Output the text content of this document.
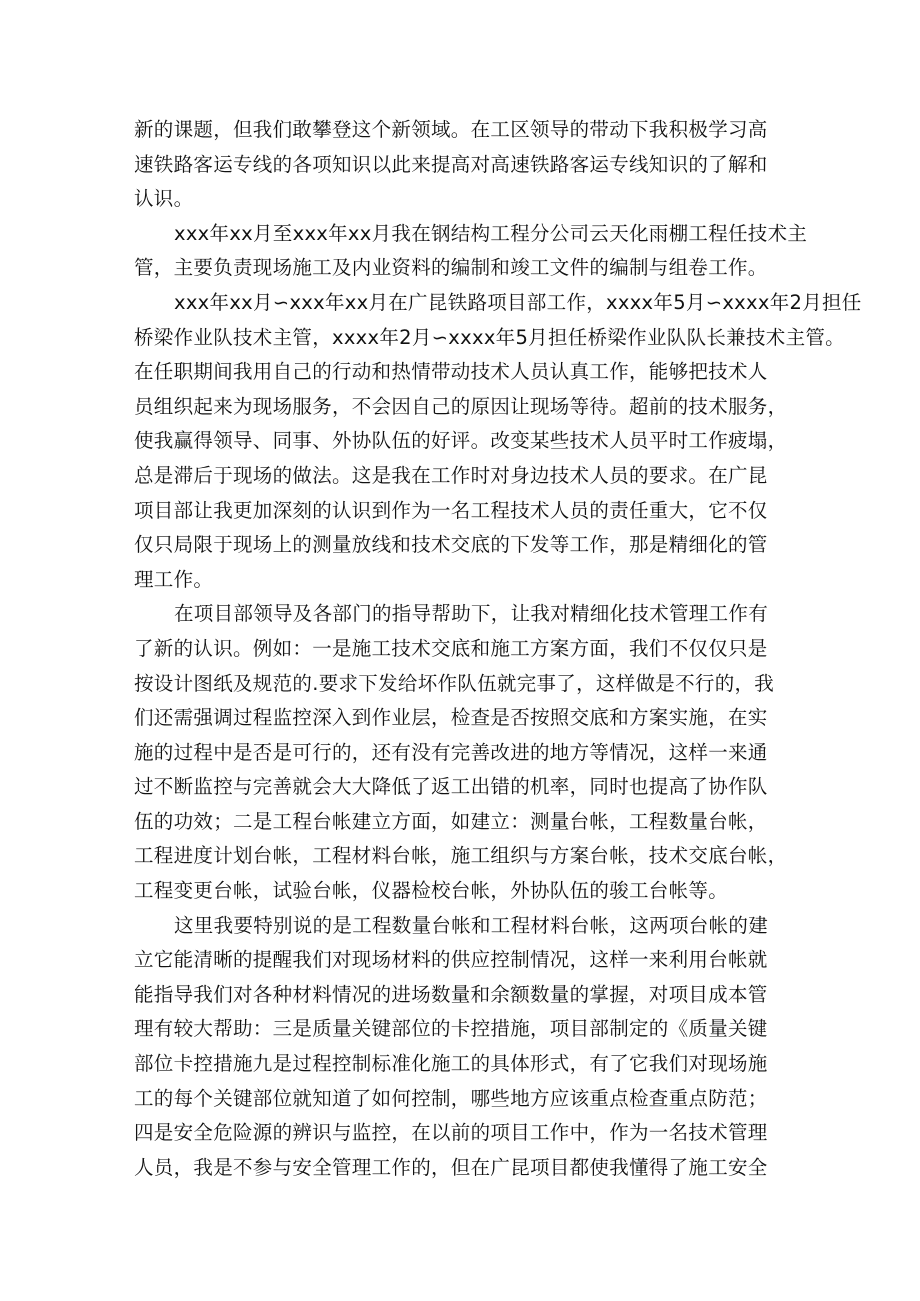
新的课题，但我们敢攀登这个新领域。在工区领导的带动下我积极学习高
速铁路客运专线的各项知识以此来提高对高速铁路客运专线知识的了解和
认识。
xxx年xx月至xxx年xx月我在钢结构工程分公司云天化雨棚工程任技术主
管，主要负责现场施工及内业资料的编制和竣工文件的编制与组卷工作。
xxx年xx月∽xxx年xx月在广昆铁路项目部工作，xxxx年5月∽xxxx年2月担任
桥梁作业队技术主管，xxxx年2月∽xxxx年5月担任桥梁作业队队长兼技术主管。
在任职期间我用自己的行动和热情带动技术人员认真工作，能够把技术人
员组织起来为现场服务，不会因自己的原因让现场等待。超前的技术服务，
使我赢得领导、同事、外协队伍的好评。改变某些技术人员平时工作疲塌，
总是滞后于现场的做法。这是我在工作时对身边技术人员的要求。在广昆
项目部让我更加深刻的认识到作为一名工程技术人员的责任重大，它不仅
仅只局限于现场上的测量放线和技术交底的下发等工作，那是精细化的管
理工作。
在项目部领导及各部门的指导帮助下，让我对精细化技术管理工作有
了新的认识。例如：一是施工技术交底和施工方案方面，我们不仅仅只是
按设计图纸及规范的.要求下发给坏作队伍就完事了，这样做是不行的，我
们还需强调过程监控深入到作业层，检查是否按照交底和方案实施，在实
施的过程中是否是可行的，还有没有完善改进的地方等情况，这样一来通
过不断监控与完善就会大大降低了返工出错的机率，同时也提高了协作队
伍的功效；二是工程台帐建立方面，如建立：测量台帐，工程数量台帐，
工程进度计划台帐，工程材料台帐，施工组织与方案台帐，技术交底台帐，
工程变更台帐，试验台帐，仪器检校台帐，外协队伍的骏工台帐等。
这里我要特别说的是工程数量台帐和工程材料台帐，这两项台帐的建
立它能清晰的提醒我们对现场材料的供应控制情况，这样一来利用台帐就
能指导我们对各种材料情况的进场数量和余额数量的掌握，对项目成本管
理有较大帮助：三是质量关键部位的卡控措施，项目部制定的《质量关键
部位卡控措施九是过程控制标准化施工的具体形式，有了它我们对现场施
工的每个关键部位就知道了如何控制，哪些地方应该重点检查重点防范；
四是安全危险源的辨识与监控，在以前的项目工作中，作为一名技术管理
人员，我是不参与安全管理工作的，但在广昆项目都使我懂得了施工安全
